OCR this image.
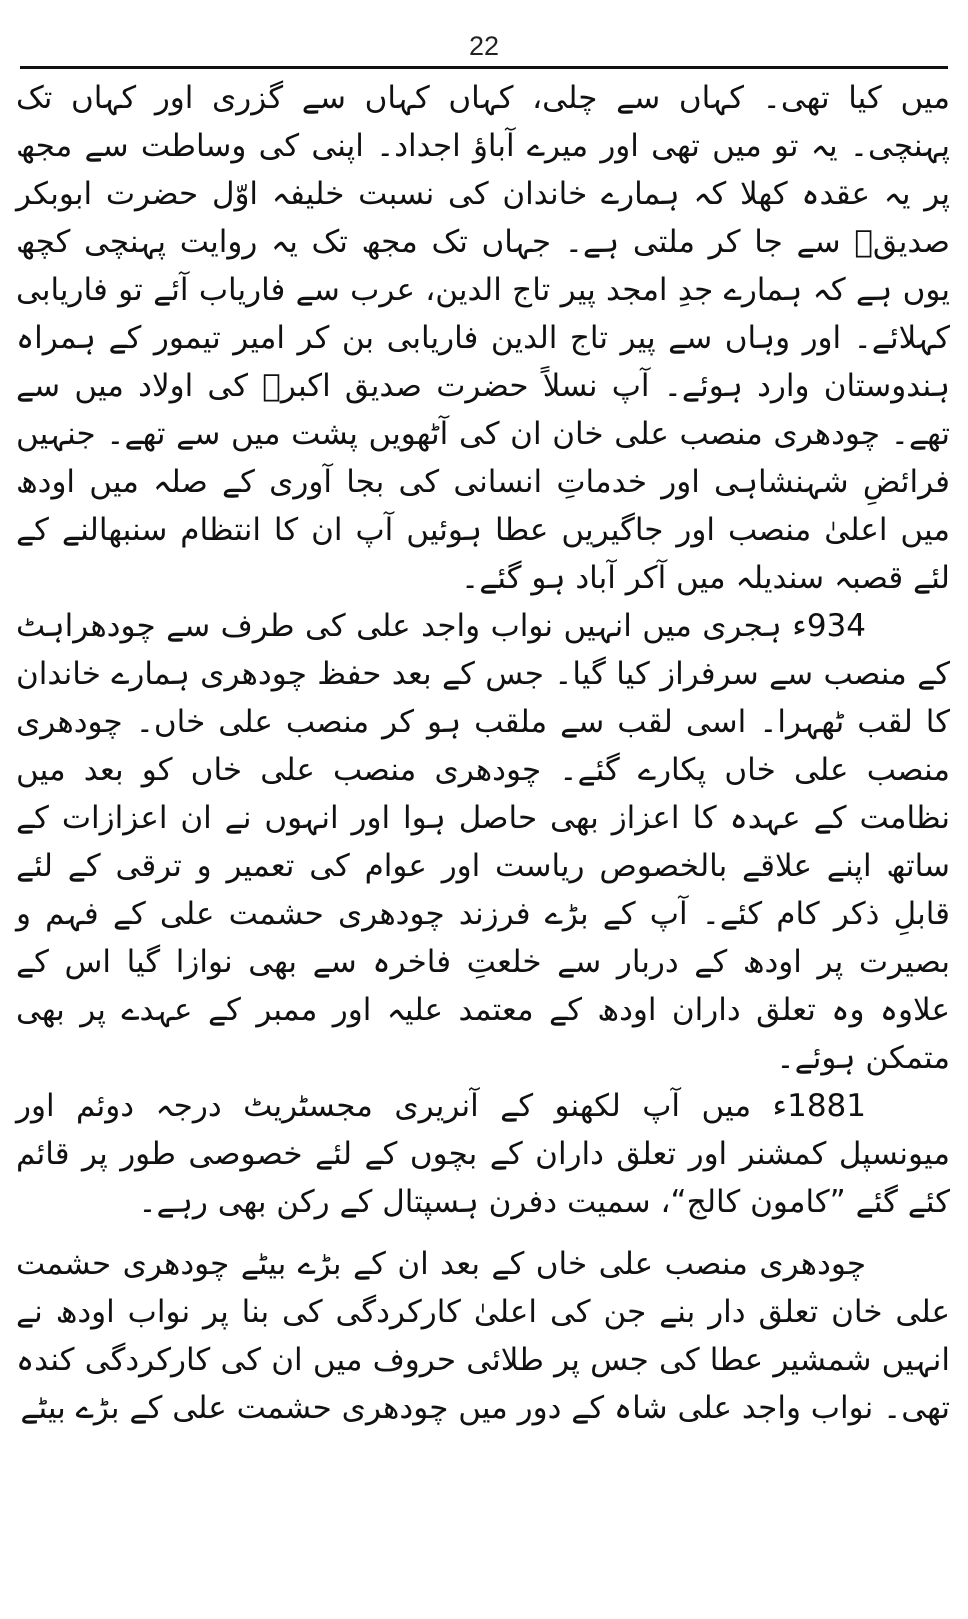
22

میں کیا تھی۔ کہاں سے چلی، کہاں کہاں سے گزری اور کہاں تک پہنچی۔ یہ تو میں تھی اور میرے آباؤ اجداد۔ اپنی کی وساطت سے مجھ پر یہ عقدہ کھلا کہ ہمارے خاندان کی نسبت خلیفہ اوّل حضرت ابوبکر صدیقؓ سے جا کر ملتی ہے۔ جہاں تک مجھ تک یہ روایت پہنچی کچھ یوں ہے کہ ہمارے جدِ امجد پیر تاج الدین، عرب سے فاریاب آئے تو فاریابی کہلائے۔ اور وہاں سے پیر تاج الدین فاریابی بن کر امیر تیمور کے ہمراہ ہندوستان وارد ہوئے۔ آپ نسلاً حضرت صدیق اکبرؓ کی اولاد میں سے تھے۔ چودھری منصب علی خان ان کی آٹھویں پشت میں سے تھے۔ جنہیں فرائضِ شہنشاہی اور خدماتِ انسانی کی بجا آوری کے صلہ میں اودھ میں اعلیٰ منصب اور جاگیریں عطا ہوئیں آپ ان کا انتظام سنبھالنے کے لئے قصبہ سندیلہ میں آکر آباد ہو گئے۔

934ء ہجری میں انہیں نواب واجد علی کی طرف سے چودھراہٹ کے منصب سے سرفراز کیا گیا۔ جس کے بعد حفظ چودھری ہمارے خاندان کا لقب ٹھہرا۔ اسی لقب سے ملقب ہو کر منصب علی خاں۔ چودھری منصب علی خاں پکارے گئے۔ چودھری منصب علی خاں کو بعد میں نظامت کے عہدہ کا اعزاز بھی حاصل ہوا اور انہوں نے ان اعزازات کے ساتھ اپنے علاقے بالخصوص ریاست اور عوام کی تعمیر و ترقی کے لئے قابلِ ذکر کام کئے۔ آپ کے بڑے فرزند چودھری حشمت علی کے فہم و بصیرت پر اودھ کے دربار سے خلعتِ فاخرہ سے بھی نوازا گیا اس کے علاوہ وہ تعلق داران اودھ کے معتمد علیہ اور ممبر کے عہدے پر بھی متمکن ہوئے۔

1881ء میں آپ لکھنو کے آنریری مجسٹریٹ درجہ دوئم اور میونسپل کمشنر اور تعلق داران کے بچوں کے لئے خصوصی طور پر قائم کئے گئے ”کامون کالج“، سمیت دفرن ہسپتال کے رکن بھی رہے۔

چودھری منصب علی خاں کے بعد ان کے بڑے بیٹے چودھری حشمت علی خان تعلق دار بنے جن کی اعلیٰ کارکردگی کی بنا پر نواب اودھ نے انہیں شمشیر عطا کی جس پر طلائی حروف میں ان کی کارکردگی کندہ تھی۔ نواب واجد علی شاہ کے دور میں چودھری حشمت علی کے بڑے بیٹے
